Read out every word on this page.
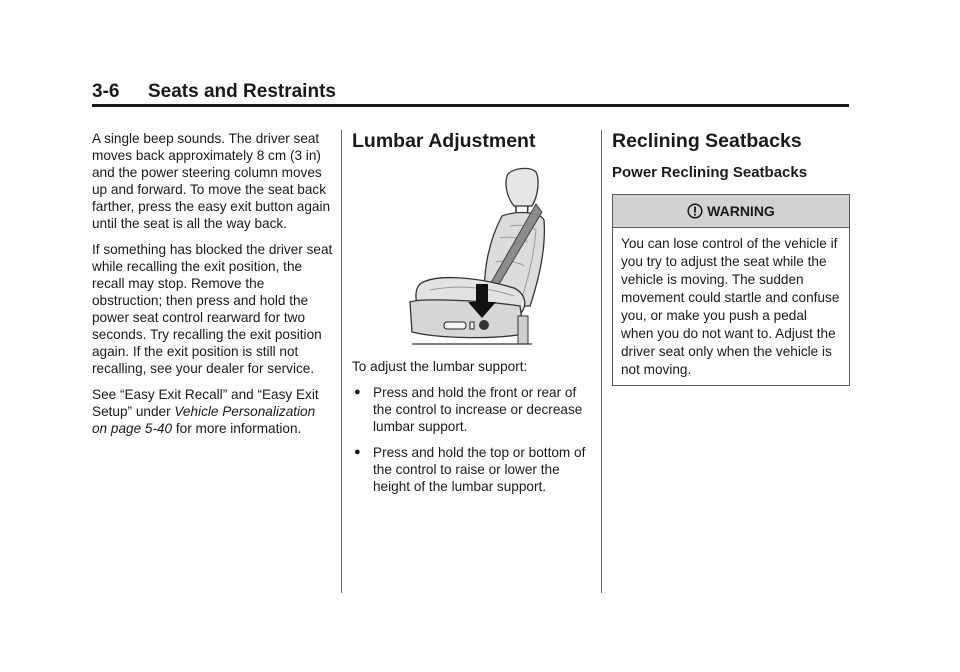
3-6 Seats and Restraints

A single beep sounds. The driver seat moves back approximately 8 cm (3 in) and the power steering column moves up and forward. To move the seat back farther, press the easy exit button again until the seat is all the way back.

If something has blocked the driver seat while recalling the exit position, the recall may stop. Remove the obstruction; then press and hold the power seat control rearward for two seconds. Try recalling the exit position again. If the exit position is still not recalling, see your dealer for service.

See “Easy Exit Recall” and “Easy Exit Setup” under Vehicle Personalization on page 5-40 for more information.

Lumbar Adjustment

To adjust the lumbar support:

● Press and hold the front or rear of the control to increase or decrease lumbar support.
● Press and hold the top or bottom of the control to raise or lower the height of the lumbar support.
Reclining Seatbacks
Power Reclining Seatbacks
WARNING
You can lose control of the vehicle if you try to adjust the seat while the vehicle is moving. The sudden movement could startle and confuse you, or make you push a pedal when you do not want to. Adjust the driver seat only when the vehicle is not moving.
